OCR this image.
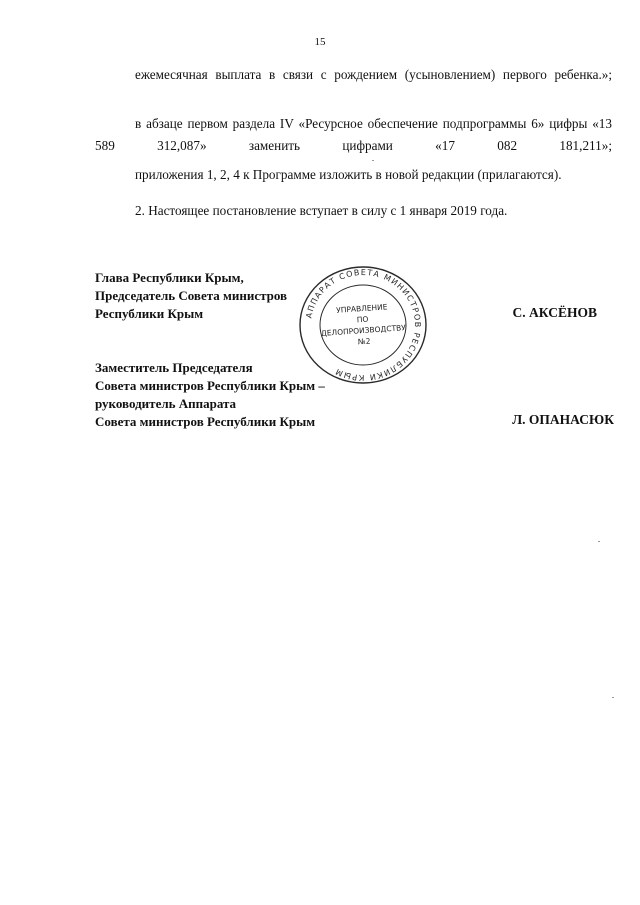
15

ежемесячная выплата в связи с рождением (усыновлением) первого ребенка.»;

в абзаце первом раздела IV «Ресурсное обеспечение подпрограммы 6» цифры «13 589 312,087» заменить цифрами «17 082 181,211»;

приложения 1, 2, 4 к Программе изложить в новой редакции (прилагаются).

2. Настоящее постановление вступает в силу с 1 января 2019 года.

Глава Республики Крым,
Председатель Совета министров
Республики Крым	С. АКСЁНОВ
Заместитель Председателя
Совета министров Республики Крым –
руководитель Аппарата
Совета министров Республики Крым	Л. ОПАНАСЮК
АППАРАТ СОВЕТА МИНИСТРОВ РЕСПУБЛИКИ КРЫМ
УПРАВЛЕНИЕ
ПО
ДЕЛОПРОИЗВОДСТВУ
№2
